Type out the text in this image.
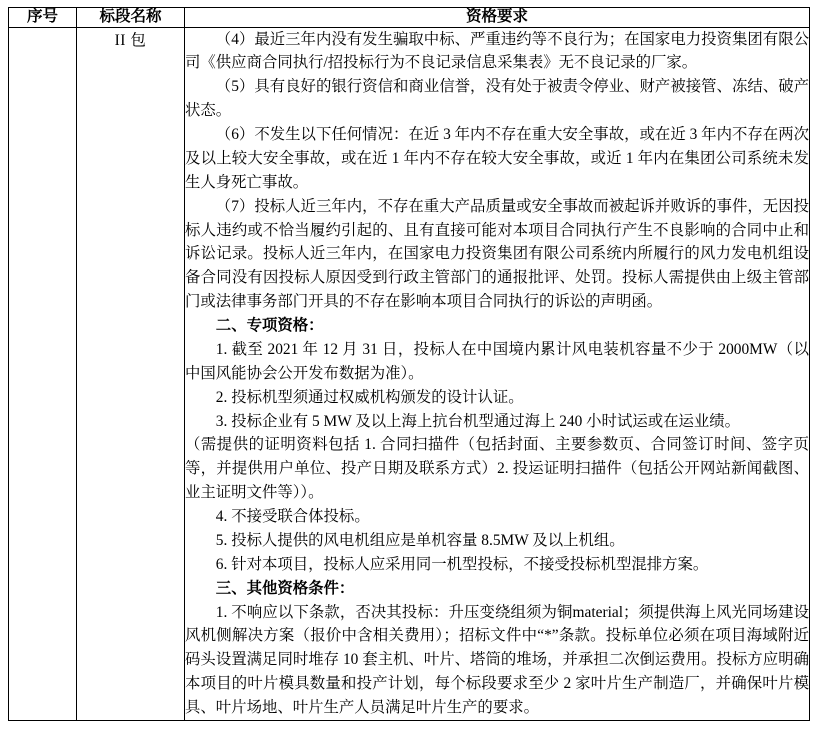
序号	标段名称	资格要求
	II 包	（4）最近三年内没有发生骗取中标、严重违约等不良行为；在国家电力投资集团有限公司《供应商合同执行/招投标行为不良记录信息采集表》无不良记录的厂家。
（5）具有良好的银行资信和商业信誉，没有处于被责令停业、财产被接管、冻结、破产状态。
（6）不发生以下任何情况：在近 3 年内不存在重大安全事故，或在近 3 年内不存在两次及以上较大安全事故，或在近 1 年内不存在较大安全事故，或近 1 年内在集团公司系统未发生人身死亡事故。
（7）投标人近三年内，不存在重大产品质量或安全事故而被起诉并败诉的事件，无因投标人违约或不恰当履约引起的、且有直接可能对本项目合同执行产生不良影响的合同中止和诉讼记录。投标人近三年内，在国家电力投资集团有限公司系统内所履行的风力发电机组设备合同没有因投标人原因受到行政主管部门的通报批评、处罚。投标人需提供由上级主管部门或法律事务部门开具的不存在影响本项目合同执行的诉讼的声明函。
二、专项资格：
1. 截至 2021 年 12 月 31 日，投标人在中国境内累计风电装机容量不少于 2000MW（以中国风能协会公开发布数据为准）。
2. 投标机型须通过权威机构颁发的设计认证。
3. 投标企业有 5 MW 及以上海上抗台机型通过海上 240 小时试运或在运业绩。
（需提供的证明资料包括 1. 合同扫描件（包括封面、主要参数页、合同签订时间、签字页等，并提供用户单位、投产日期及联系方式）2. 投运证明扫描件（包括公开网站新闻截图、业主证明文件等））。
4. 不接受联合体投标。
5. 投标人提供的风电机组应是单机容量 8.5MW 及以上机组。
6. 针对本项目，投标人应采用同一机型投标，不接受投标机型混排方案。
三、其他资格条件：
1. 不响应以下条款，否决其投标：升压变绕组须为铜material；须提供海上风光同场建设风机侧解决方案（报价中含相关费用）；招标文件中“*”条款。投标单位必须在项目海域附近码头设置满足同时堆存 10 套主机、叶片、塔筒的堆场，并承担二次倒运费用。投标方应明确本项目的叶片模具数量和投产计划，每个标段要求至少 2 家叶片生产制造厂，并确保叶片模具、叶片场地、叶片生产人员满足叶片生产的要求。
